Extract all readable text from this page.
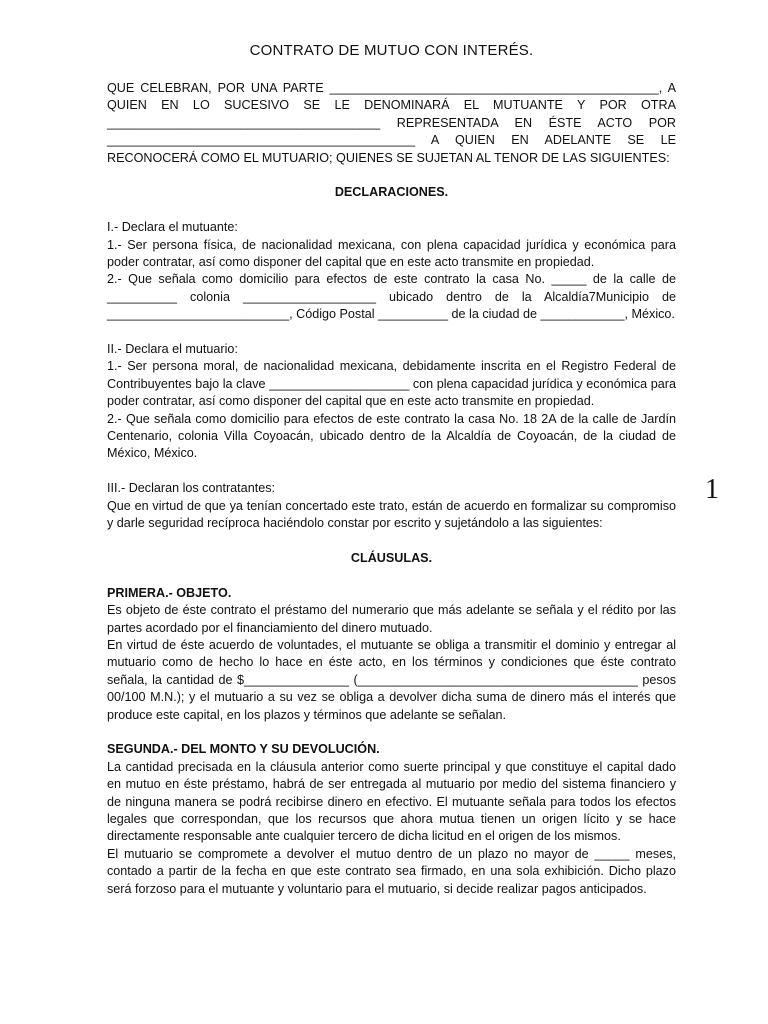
CONTRATO DE MUTUO CON INTERÉS.

QUE CELEBRAN, POR UNA PARTE _______________________________________________, A QUIEN EN LO SUCESIVO SE LE DENOMINARÁ EL MUTUANTE Y POR OTRA _______________________________________ REPRESENTADA EN ÉSTE ACTO POR ____________________________________________ A QUIEN EN ADELANTE SE LE RECONOCERÁ COMO EL MUTUARIO; QUIENES SE SUJETAN AL TENOR DE LAS SIGUIENTES:

DECLARACIONES.

I.- Declara el mutuante:

1.- Ser persona física, de nacionalidad mexicana, con plena capacidad jurídica y económica para poder contratar, así como disponer del capital que en este acto transmite en propiedad.

2.- Que señala como domicilio para efectos de este contrato la casa No. _____ de la calle de __________ colonia ___________________ ubicado dentro de la Alcaldía7Municipio de __________________________, Código Postal __________ de la ciudad de ____________, México.

II.- Declara el mutuario:

1.- Ser persona moral, de nacionalidad mexicana, debidamente inscrita en el Registro Federal de Contribuyentes bajo la clave ____________________ con plena capacidad jurídica y económica para poder contratar, así como disponer del capital que en este acto transmite en propiedad.

2.- Que señala como domicilio para efectos de este contrato la casa No. 18 2A de la calle de Jardín Centenario, colonia Villa Coyoacán, ubicado dentro de la Alcaldía de Coyoacán, de la ciudad de México, México.

III.- Declaran los contratantes:

Que en virtud de que ya tenían concertado este trato, están de acuerdo en formalizar su compromiso y darle seguridad recíproca haciéndolo constar por escrito y sujetándolo a las siguientes:

CLÁUSULAS.

PRIMERA.- OBJETO.

Es objeto de éste contrato el préstamo del numerario que más adelante se señala y el rédito por las partes acordado por el financiamiento del dinero mutuado.

En virtud de éste acuerdo de voluntades, el mutuante se obliga a transmitir el dominio y entregar al mutuario como de hecho lo hace en éste acto, en los términos y condiciones que éste contrato señala, la cantidad de $_______________ (________________________________________ pesos 00/100 M.N.); y el mutuario a su vez se obliga a devolver dicha suma de dinero más el interés que produce este capital, en los plazos y términos que adelante se señalan.

SEGUNDA.- DEL MONTO Y SU DEVOLUCIÓN.

La cantidad precisada en la cláusula anterior como suerte principal y que constituye el capital dado en mutuo en éste préstamo, habrá de ser entregada al mutuario por medio del sistema financiero y de ninguna manera se podrá recibirse dinero en efectivo. El mutuante señala para todos los efectos legales que correspondan, que los recursos que ahora mutua tienen un origen lícito y se hace directamente responsable ante cualquier tercero de dicha licitud en el origen de los mismos.

El mutuario se compromete a devolver el mutuo dentro de un plazo no mayor de _____ meses, contado a partir de la fecha en que este contrato sea firmado, en una sola exhibición. Dicho plazo será forzoso para el mutuante y voluntario para el mutuario, si decide realizar pagos anticipados.

1
